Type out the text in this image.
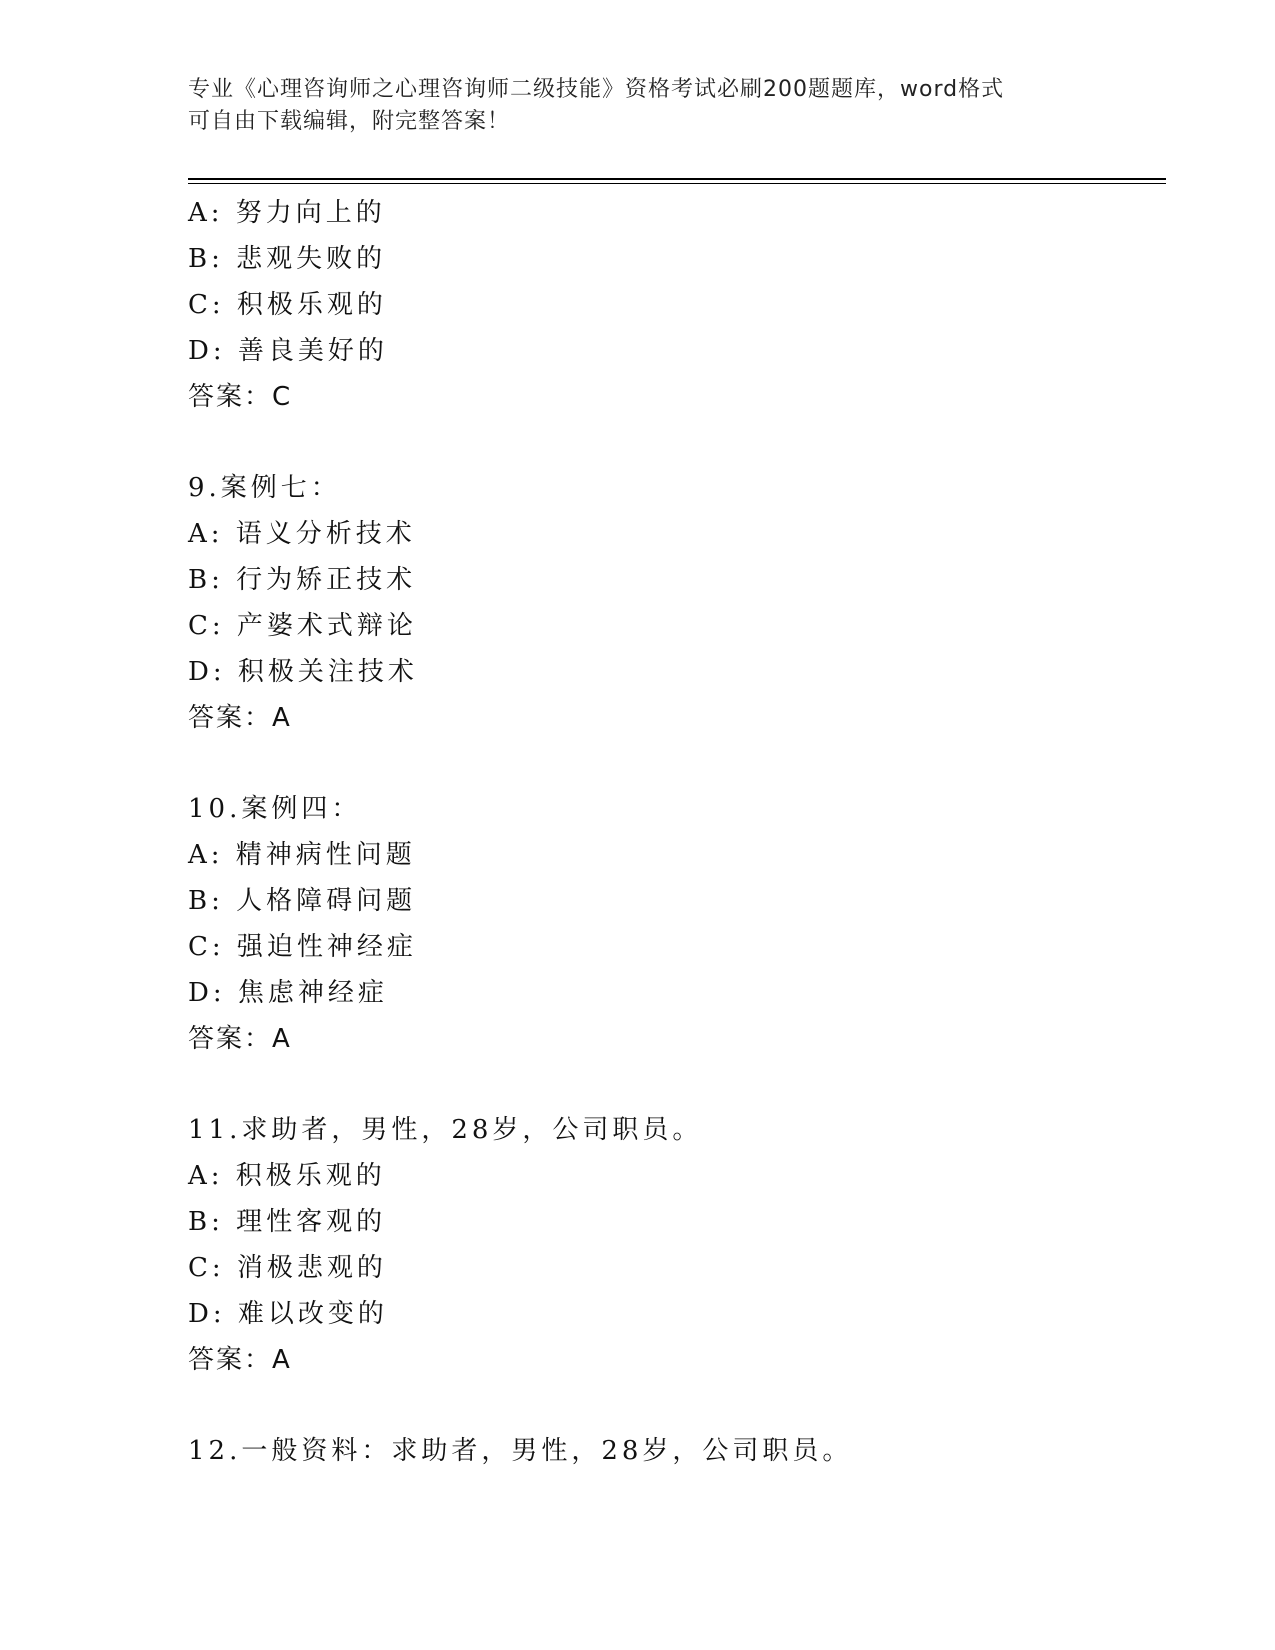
专业《心理咨询师之心理咨询师二级技能》资格考试必刷200题题库，word格式
可自由下载编辑，附完整答案！
A: 努力向上的
B: 悲观失败的
C: 积极乐观的
D: 善良美好的
答案：C
9.案例七：
A: 语义分析技术
B: 行为矫正技术
C: 产婆术式辩论
D: 积极关注技术
答案：A
10.案例四：
A: 精神病性问题
B: 人格障碍问题
C: 强迫性神经症
D: 焦虑神经症
答案：A
11.求助者，男性，28岁，公司职员。
A: 积极乐观的
B: 理性客观的
C: 消极悲观的
D: 难以改变的
答案：A
12.一般资料：求助者，男性，28岁，公司职员。
